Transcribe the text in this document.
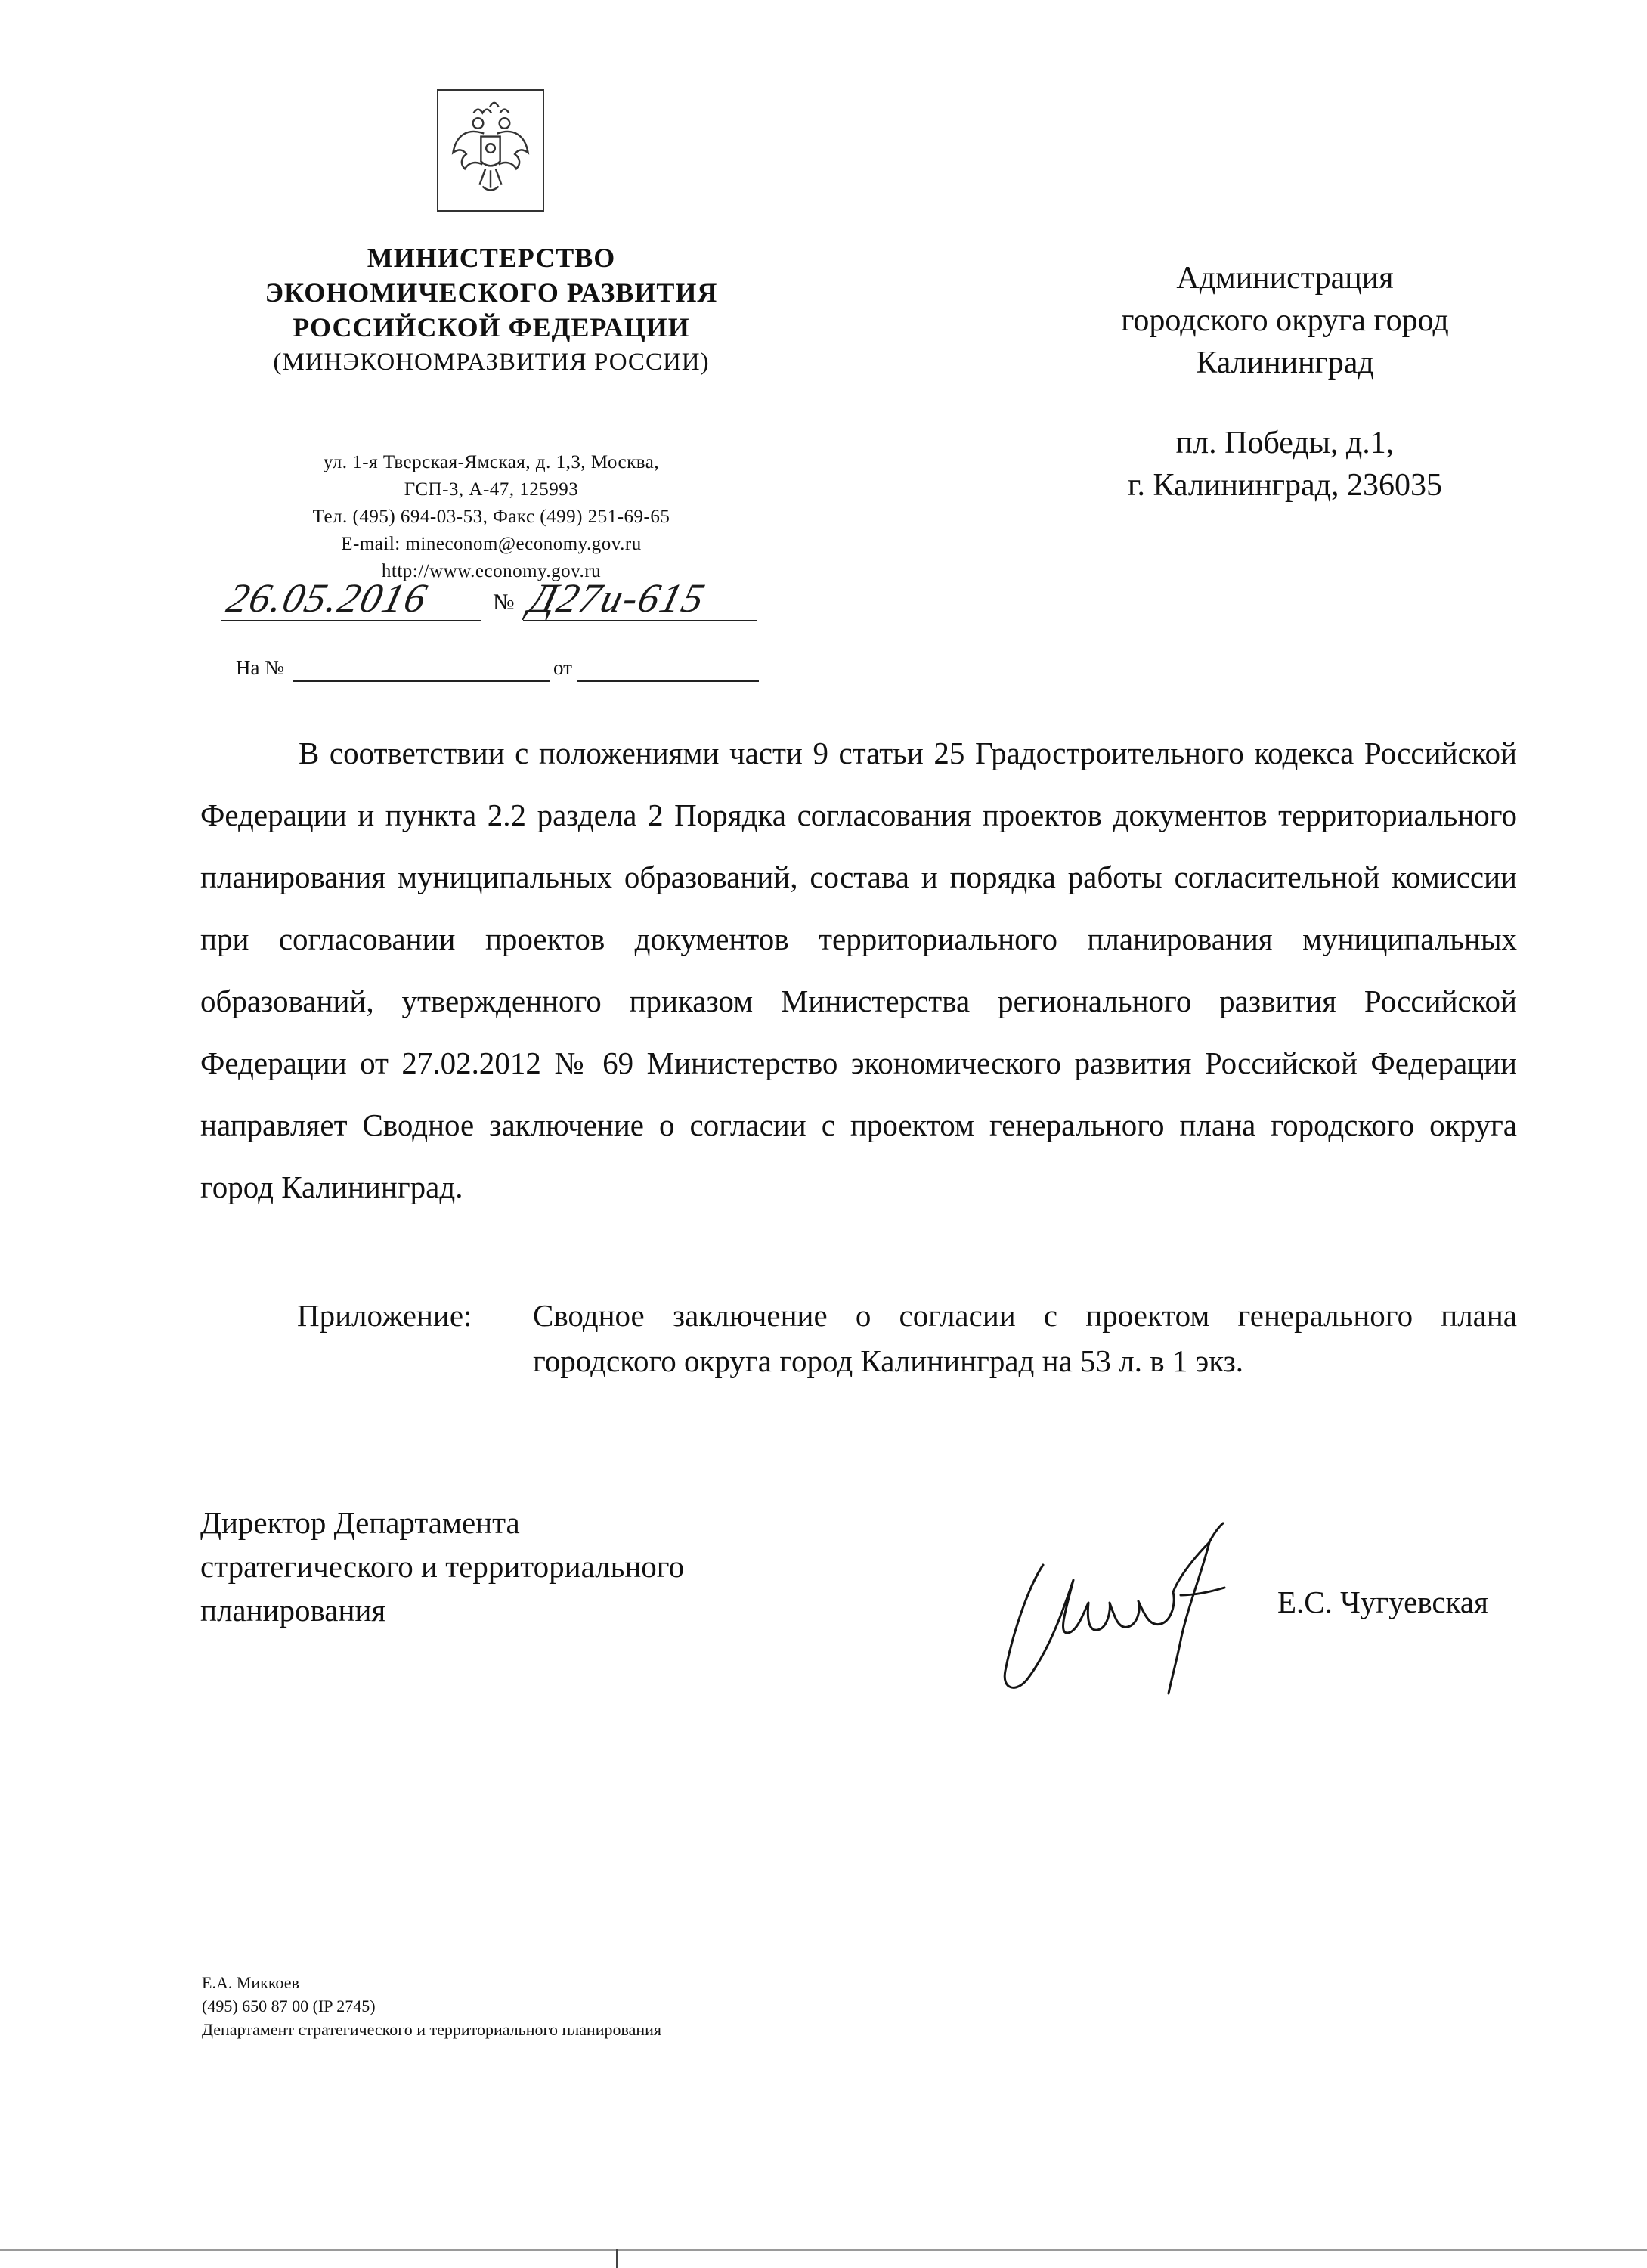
МИНИСТЕРСТВО
ЭКОНОМИЧЕСКОГО РАЗВИТИЯ
РОССИЙСКОЙ ФЕДЕРАЦИИ
(МИНЭКОНОМРАЗВИТИЯ РОССИИ)
ул. 1-я Тверская-Ямская, д. 1,3, Москва,
ГСП-3, А-47, 125993
Тел. (495) 694-03-53, Факс (499) 251-69-65
E-mail: mineconom@economy.gov.ru
http://www.economy.gov.ru
26.05.2016	№ Д27и-615
На №	от
Администрация
городского округа город
Калининград
пл. Победы, д.1,
г. Калининград, 236035

В соответствии с положениями части 9 статьи 25 Градостроительного кодекса Российской Федерации и пункта 2.2 раздела 2 Порядка согласования проектов документов территориального планирования муниципальных образований, состава и порядка работы согласительной комиссии при согласовании проектов документов территориального планирования муниципальных образований, утвержденного приказом Министерства регионального развития Российской Федерации от 27.02.2012 № 69 Министерство экономического развития Российской Федерации направляет Сводное заключение о согласии с проектом генерального плана городского округа город Калининград.

Приложение: Сводное заключение о согласии с проектом генерального плана городского округа город Калининград на 53 л. в 1 экз.
Директор Департамента
стратегического и территориального
планирования	Е.С. Чугуевская
Е.А. Миккоев
(495) 650 87 00 (IP 2745)
Департамент стратегического и территориального планирования
